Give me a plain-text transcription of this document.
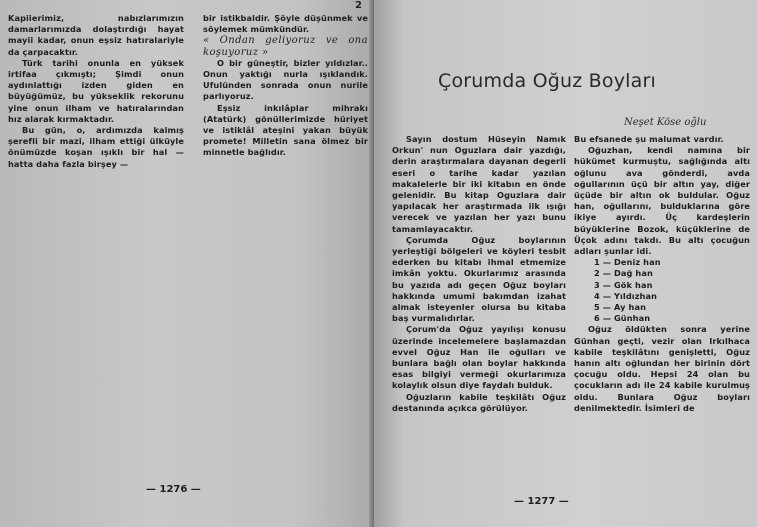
Kapiierimiz, nabızlarımızın damarlarımızda dolaştırdığı hayat mayii kadar, onun eşsiz hatıralariyle da çarpacaktır.

Türk tarihi onunla en yüksek irtifaa çıkmıştı; Şimdi onun aydınlattığı izden giden en büyüğümüz, bu yükseklik rekorunu yine onun ilham ve hatıralarından hız alarak kırmaktadır.

Bu gün, o, ardımızda kalmış şerefli bir mazi, ilham ettiği ülküyle önümüzde koşan ışıklı bir hal — hatta daha fazla birşey —

bir istikbaldir. Şöyle düşünmek ve söylemek mümkündür.

« Ondan geliyoruz ve ona koşuyoruz »

O bir güneştir, bizler yıldızlar.. Onun yaktığı nurla ışıklandık. Ufulünden sonrada onun nurile parlıyoruz.

Eşsiz inkılâplar mihrakı (Atatürk) gönüllerimizde hüriyet ve istiklâl ateşini yakan büyük promete! Milletin sana ölmez bir minnetle bağlıdır.

— 1276 —
2

Sayın dostum Hüseyin Namık Orkun' nun Oguzlara dair yazdığı, derin araştırmalara dayanan degerli eseri o tarihe kadar yazılan makalelerle bir iki kitabın en önde gelenidir. Bu kitap Oguzlara dair yapılacak her araştırmada ilk ışığı verecek ve yazılan her yazı bunu tamamlayacaktır.

Çorumda Oğuz boylarının yerleştiği bölgeleri ve köyleri tesbit ederken bu kitabı ihmal etmemize imkân yoktu. Okurlarımız arasında bu yazıda adı geçen Oğuz boyları hakkında umumi bakımdan izahat almak isteyenler olursa bu kitaba baş vurmalıdırlar.

Çorum'da Oğuz yayılışı konusu üzerinde incelemelere başlamazdan evvel Oğuz Han ile oğulları ve bunlara bağlı olan boylar hakkında esas bilgiyi vermeği okurlarımıza kolaylık olsun diye faydalı bulduk.

Oğuzların kabile teşkilâtı Oğuz destanında açıkca görülüyor.

Bu efsanede şu malumat vardır.

Oğuzhan, kendi namına bir hükümet kurmuştu, sağlığında altı oğlunu ava gönderdi, avda oğullarının üçü bir altın yay, diğer üçüde bir altın ok buldular. Oğuz han, oğullarını, bulduklarına göre ikiye ayırdı. Üç kardeşlerin büyüklerine Bozok, küçüklerine de Üçok adını takdı. Bu altı çocuğun adları şunlar idi.

1 — Deniz han
2 — Dağ han
3 — Gök han
4 — Yıldızhan
5 — Ay han
6 — Günhan

Oğuz öldükten sonra yerine Günhan geçti, vezir olan Irkılhaca kabile teşkilâtını genişletti, Oğuz hanın altı oğlundan her birinin dört çocuğu oldu. Hepsi 24 olan bu çocukların adı ile 24 kabile kurulmuş oldu. Bunlara Oğuz boyları denilmektedir. İsimleri de

— 1277 —
Çorumda Oğuz Boyları
Neşet Köse oğlu
